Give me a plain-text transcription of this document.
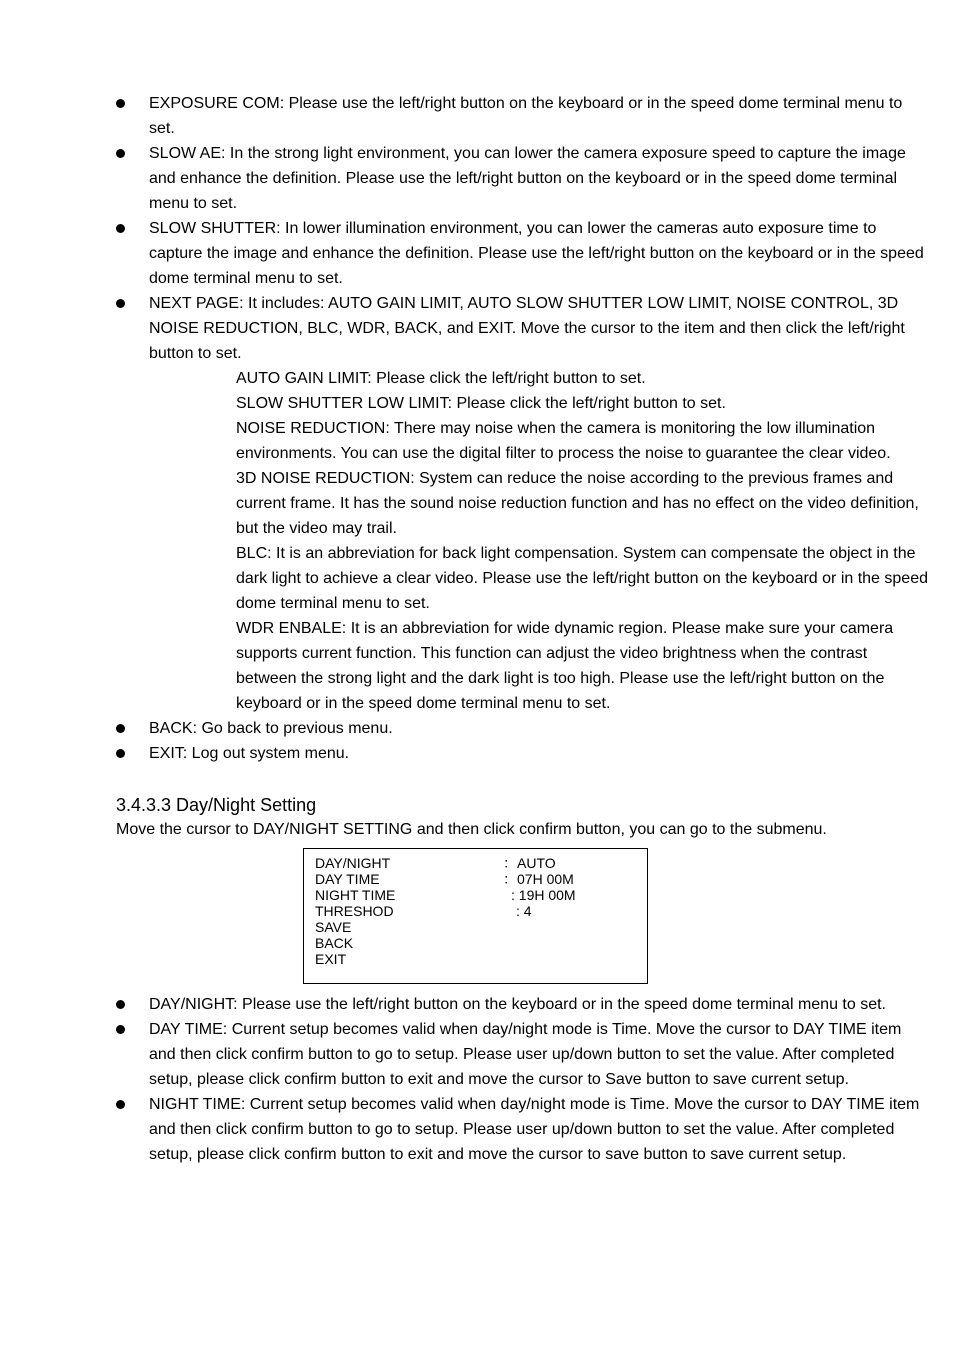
EXPOSURE COM: Please use the left/right button on the keyboard or in the speed dome terminal menu to set.
SLOW AE: In the strong light environment, you can lower the camera exposure speed to capture the image and enhance the definition. Please use the left/right button on the keyboard or in the speed dome terminal menu to set.
SLOW SHUTTER: In lower illumination environment, you can lower the cameras auto exposure time to capture the image and enhance the definition. Please use the left/right button on the keyboard or in the speed dome terminal menu to set.
NEXT PAGE: It includes: AUTO GAIN LIMIT, AUTO SLOW SHUTTER LOW LIMIT, NOISE CONTROL, 3D NOISE REDUCTION, BLC, WDR, BACK, and EXIT. Move the cursor to the item and then click the left/right button to set.
AUTO GAIN LIMIT: Please click the left/right button to set.
SLOW SHUTTER LOW LIMIT: Please click the left/right button to set.
NOISE REDUCTION: There may noise when the camera is monitoring the low illumination environments. You can use the digital filter to process the noise to guarantee the clear video.
3D NOISE REDUCTION: System can reduce the noise according to the previous frames and current frame. It has the sound noise reduction function and has no effect on the video definition, but the video may trail.
BLC: It is an abbreviation for back light compensation. System can compensate the object in the dark light to achieve a clear video. Please use the left/right button on the keyboard or in the speed dome terminal menu to set.
WDR ENBALE: It is an abbreviation for wide dynamic region. Please make sure your camera supports current function. This function can adjust the video brightness when the contrast between the strong light and the dark light is too high. Please use the left/right button on the keyboard or in the speed dome terminal menu to set.
BACK: Go back to previous menu.
EXIT: Log out system menu.
3.4.3.3 Day/Night Setting
Move the cursor to DAY/NIGHT SETTING and then click confirm button, you can go to the submenu.
DAY/NIGHT	：AUTO
DAY TIME	：07H 00M
NIGHT TIME	: 19H 00M
THRESHOD	: 4
SAVE
BACK
EXIT
DAY/NIGHT: Please use the left/right button on the keyboard or in the speed dome terminal menu to set.
DAY TIME: Current setup becomes valid when day/night mode is Time. Move the cursor to DAY TIME item and then click confirm button to go to setup. Please user up/down button to set the value. After completed setup, please click confirm button to exit and move the cursor to Save button to save current setup.
NIGHT TIME: Current setup becomes valid when day/night mode is Time. Move the cursor to DAY TIME item and then click confirm button to go to setup. Please user up/down button to set the value. After completed setup, please click confirm button to exit and move the cursor to save button to save current setup.
